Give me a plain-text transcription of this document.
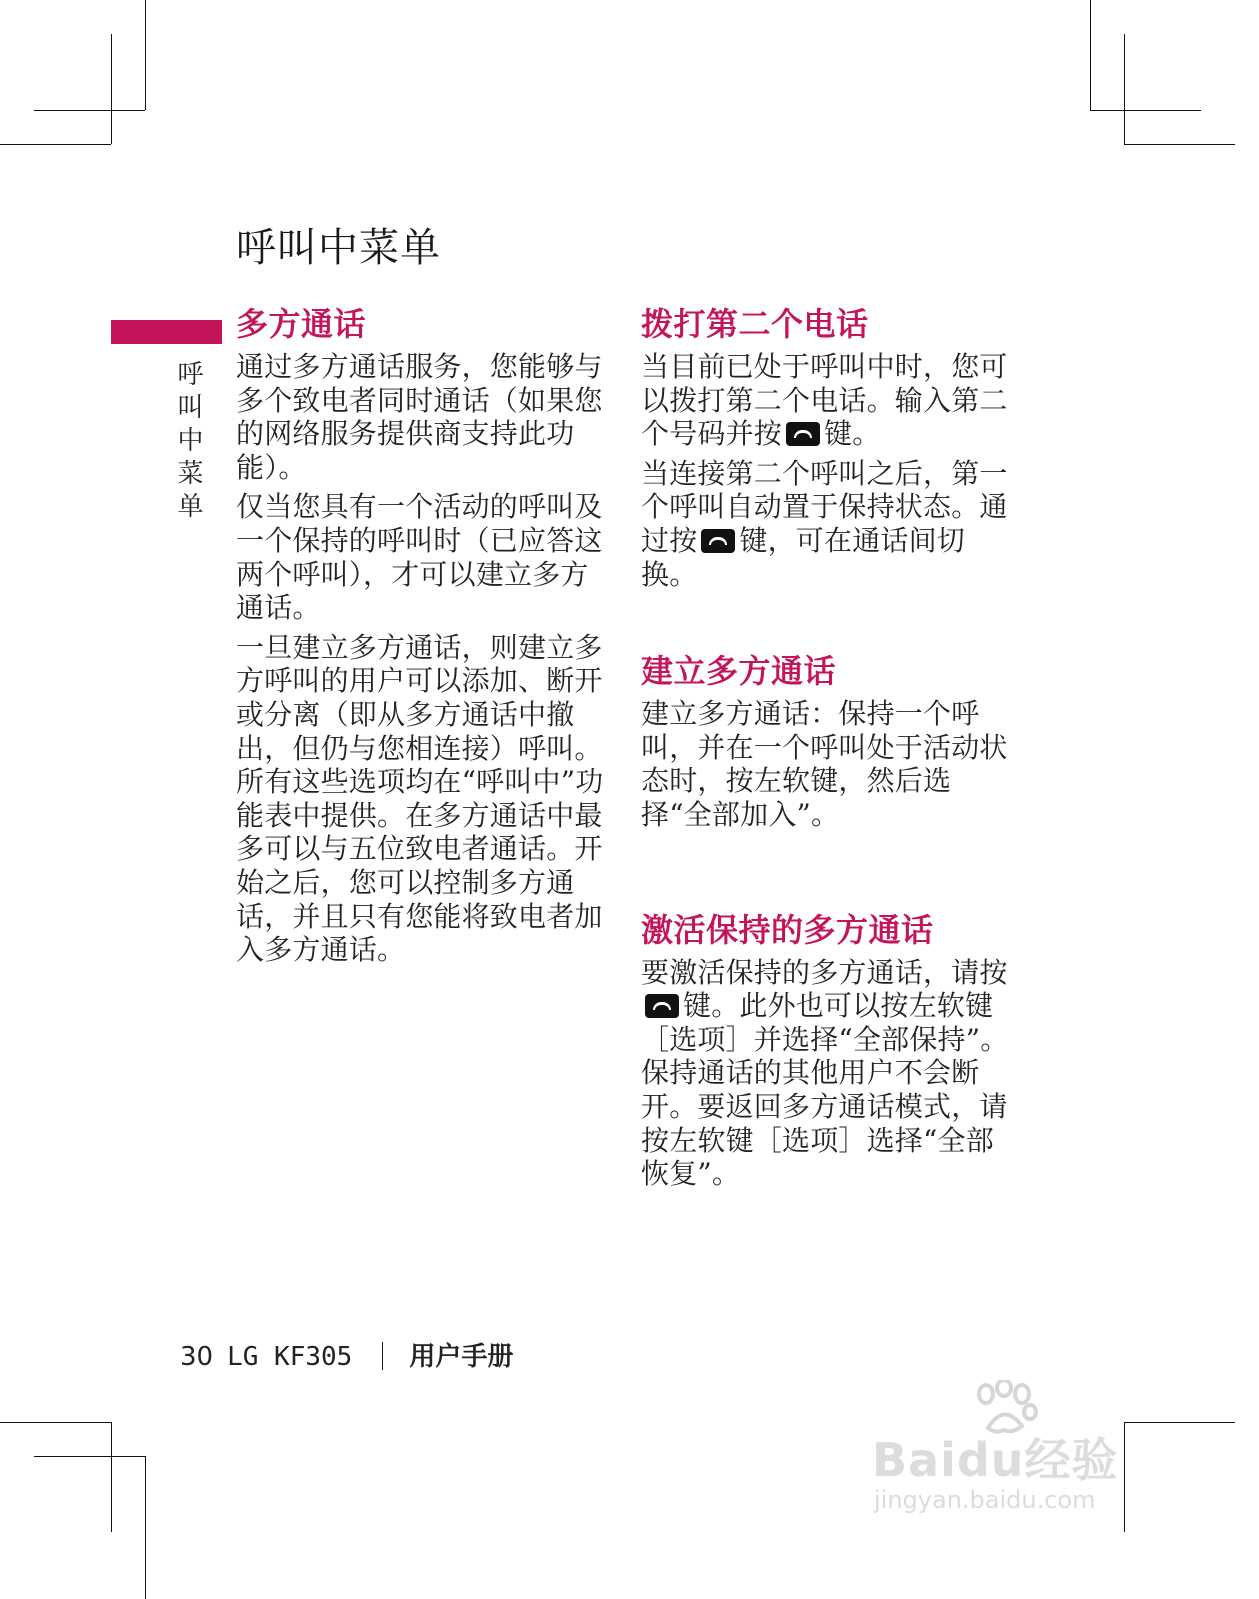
呼叫中菜单
呼叫中菜单
多方通话

通过多方通话服务，您能够与多个致电者同时通话（如果您的网络服务提供商支持此功能）。

仅当您具有一个活动的呼叫及一个保持的呼叫时（已应答这两个呼叫），才可以建立多方通话。

一旦建立多方通话，则建立多方呼叫的用户可以添加、断开或分离（即从多方通话中撤出，但仍与您相连接）呼叫。所有这些选项均在“呼叫中”功能表中提供。在多方通话中最多可以与五位致电者通话。开始之后，您可以控制多方通话，并且只有您能将致电者加入多方通话。

拨打第二个电话

当目前已处于呼叫中时，您可以拨打第二个电话。输入第二个号码并按 键。

当连接第二个呼叫之后，第一个呼叫自动置于保持状态。通过按 键，可在通话间切换。

建立多方通话

建立多方通话：保持一个呼叫，并在一个呼叫处于活动状态时，按左软键，然后选择“全部加入”。

激活保持的多方通话

要激活保持的多方通话，请按键。此外也可以按左软键［选项］并选择“全部保持”。保持通话的其他用户不会断开。要返回多方通话模式，请按左软键［选项］选择“全部恢复”。

30 LG KF305 用户手册
Baidu经验
jingyan.baidu.com
